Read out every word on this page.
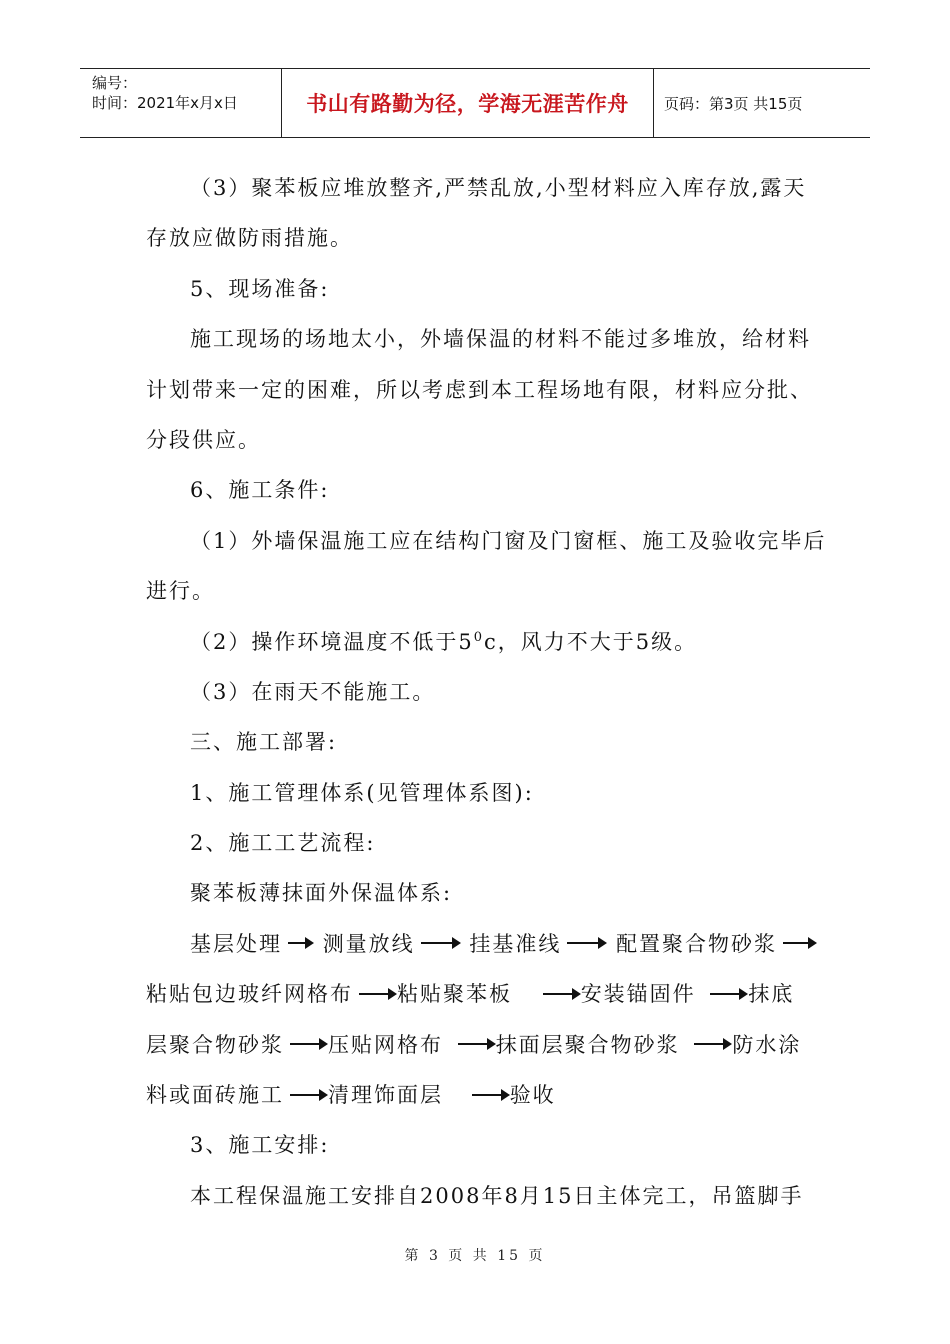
编号：
时间：2021年x月x日	书山有路勤为径，学海无涯苦作舟	页码：第3页 共15页
（3）聚苯板应堆放整齐,严禁乱放,小型材料应入库存放,露天
存放应做防雨措施。
5、现场准备:
施工现场的场地太小，外墙保温的材料不能过多堆放，给材料
计划带来一定的困难，所以考虑到本工程场地有限，材料应分批、
分段供应。
6、施工条件:
（1）外墙保温施工应在结构门窗及门窗框、施工及验收完毕后
进行。
（2）操作环境温度不低于$5^0c$，风力不大于5级。
（3）在雨天不能施工。
三、施工部署:
1、施工管理体系(见管理体系图):
2、施工工艺流程:
聚苯板薄抹面外保温体系:
基层处理 测量放线	挂基准线	配置聚合物砂浆
粘贴包边玻纤网格布 粘贴聚苯板	安装锚固件	抹底
层聚合物砂浆 压贴网格布	抹面层聚合物砂浆	防水涂
料或面砖施工 清理饰面层	验收
3、施工安排:
本工程保温施工安排自2008年8月15日主体完工，吊篮脚手
第 3 页 共 15 页
